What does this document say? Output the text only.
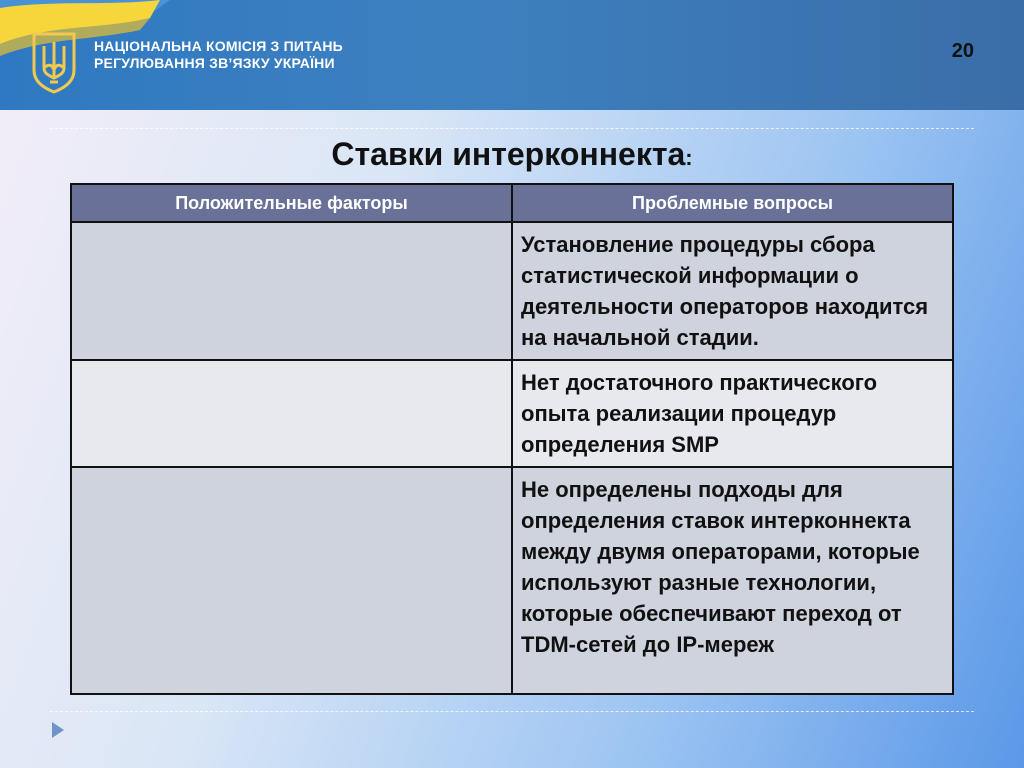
НАЦІОНАЛЬНА КОМІСІЯ З ПИТАНЬ
РЕГУЛЮВАННЯ ЗВ’ЯЗКУ УКРАЇНИ
20
Ставки интерконнекта:
Положительные факторы	Проблемные вопросы
	Установление процедуры сбора статистической информации о деятельности операторов находится на начальной стадии.
	Нет достаточного практического опыта реализации процедур определения SMP
	Не определены подходы для определения ставок интерконнекта между двумя операторами, которые используют разные технологии, которые обеспечивают переход от TDM-сетей до IP-мереж
